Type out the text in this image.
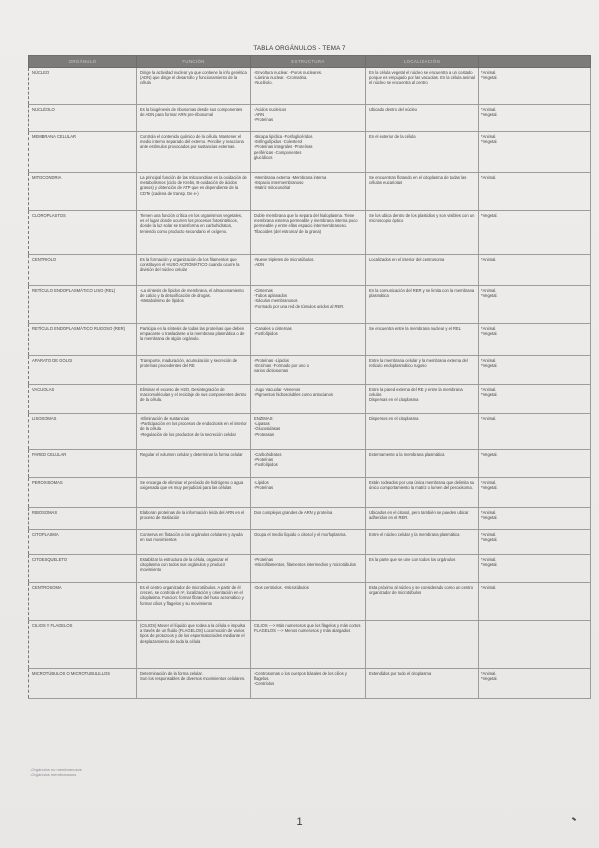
TABLA ORGÁNULOS - TEMA 7
ORGÁNULO	FUNCIÓN	ESTRUCTURA	LOCALIZACIÓN	
NÚCLEO	Dirige la actividad nuclear ya que contiene la info genética (ADN) que dirige el desarrollo y funcionamiento de la célula	-Envoltura nuclear. -Poros nucleares.
-Lámina nuclear. -Cromatina.
-Nucléolo.	En la célula vegetal el núcleo se encuentra a un costado porque es empujado por las vacuolas. En la célula animal el núcleo se encuentra al centro	*Animal.
*Vegetal.
NUCLÉOLO	Es la biogénesis de ribosomas desde sus componentes de ADN para formar ARN pre-ribosomal	-Ácidos nucleicos
-ARN
-Proteínas	Ubicado dentro del núcleo	*Animal.
*Vegetal.
MEMBRANA CELULAR	Controla el contenido químico de la célula. Mantener el medio interno separado del externo. Percibe y reacciona ante estímulos provocados por sustancias externas.	-Bicapa lipídica -Fosfoglicéridos
-Esfingolípidos -Colesterol
-Proteínas integrales -Proteínas
periféricas -Componentes
glucídicos	En el exterior de la célula	*Animal.
*Vegetal.
MITOCONDRIA	La principal función de las mitocondrias es la oxidación de metabolismos (ciclo de Krebs, B-oxidación de ácidos grasos) y obtención de ATP que es dependiente de la CDTe (cadena de transp. De e-)	-Membrana externa -Membrana interna
-Espacio intermembranoso
-Matriz mitocondrial	Se encuentran flotando en el citoplasma de todas las células eucariotas	*Animal.
CLOROPLASTOS	Tienen una función crítica en los organismos vegetales, es el lugar donde ocurren los procesos fotosintéticos, donde la luz solar se transforma en carbohidratos, teniendo como producto secundario el oxígeno.	Doble membrana que lo separa del hialoplasma. Tiene membrana externa permeable y membrana interna poco permeable y entre ellas espacio intermembranoso. Tilacoides (del estroma/ de la grana)	Se los ubica dentro de los plastidios y son visibles con un microscopio óptico	*Vegetal.
CENTRIOLO	Es la formación y organización de los filamentos que constituyen el HUSO ACROMÁTICO cuando ocurre la división del núcleo celular	-Nueve tripletes de microtúbulos.
-ADN	Localizados en el interior del centrosoma	*Animal.
RETÍCULO ENDOPLASMÁTICO LISO (REL)	-La síntesis de lípidos de membrana, el almacenamiento de calcio y la detoxificación de drogas.
-Metabolismo de lípidos	-Cisternas
-Tubos aplanados
-Sáculos membranosos
-Formado por una red de túmulos unidos al RER.	En la comunicación del RER y se limita con la membrana plasmática	*Animal.
*Vegetal.
RETÍCULO ENDOPLASMÁTICO RUGOSO (RER)	Participa en la síntesis de todas las proteínas que deben empacarse o trasladarse a la membrana plasmática o de la membrana de algún orgánulo.	-Canales o cisternas
-Fosfolípidos	Se encuentra entre la membrana nuclear y el REL	*Animal.
*Vegetal.
APARATO DE GOLGI	Transporte, maduración, acumulación y secreción de proteínas procedentes del RE	-Proteínas -Lípidos
-Enzimas -Formado por uno o
varios dictiosomas	Entre la membrana celular y la membrana externa del retículo endoplasmático rugoso	*Animal.
*Vegetal.
VACUOLAS	Eliminar el exceso de H2O, Desintegración de macromoléculas y el reciclaje de sus componentes dentro de la célula.	-Jugo Vacuolar -Venenos
-Pigmentos hidrosolubles como antocianos	Entre la pared externa del RE y entre la membrana celular.
Dispersas en el citoplasma	*Animal.
*Vegetal.
LISOSOMAS	-Eliminación de sustancias
-Participación en los procesos de endocitosis en el interior de la célula
-Regulación de los productos de la secreción celular	ENZIMAS:
-Lipasas
-Glucosidasas
-Proteasas	Dispersos en el citoplasma	*Animal.
PARED CELULAR	Regular el volumen celular y determinar la forma celular	-Carbohidratos
-Proteínas
-Fosfolípidos	Externamente a la membrana plasmática	*Vegetal.
PEROXISOMAS	Se encarga de eliminar el peróxido de hidrógeno o agua oxigenada que es muy perjudicial para las células	-Lípidos
-Proteínas	Están rodeados por una única membrana que delimita su único comportamiento la matriz o lumen del peroxisoma.	*Animal.
*Vegetal.
RIBOSOMAS	Elaboran proteínas de la información leída del ARN en el proceso de traslación	Dos complejos grandes de ARN y proteína	Ubicados en el citosol, pero también se pueden ubicar adheridos en el RER.	*Animal.
*Vegetal.
CITOPLASMA	Conserva en flotación a los orgánulos celulares y ayuda en sus movimientos	Ocupa el medio líquido o citosol y el morfoplasma.	Entre el núcleo celular y la membrana plasmática	*Animal.
*Vegetal.
CITOESQUELETO	Establizar la estructura de la célula, organizar el citoplasma con todos sus orgánulos y producir movimiento	-Proteínas
-Microfilamentos, filamentos intermedios y microtúbulos	Es la parte que se une con todos los orgánulos	*Animal.
*Vegetal.
CENTROSOMA	Es el centro organizador de microtúbulos. A partir de él crecen, se controla el nº, localización y orientación en el citoplasma. Funcion: formar fibras del huso acromático y formar cilios y flagelos y su movimiento	-Dos centriolos. -Microtúbulos	Esta próximo al núcleo y se considerado como un centro organizador de microtúbulos	*Animal.
CILIOS Y FLAGELOS	(CILIOS) Mover el líquido que rodea a la célula e impulsa a través de un fluido (FLAGELOS) Locomoción de varios tipos de protozoos y de los espermatozoides mediante el desplazamiento de toda la célula	CILIOS ---> Más numerosos que los flagelos y más cortos
FLAGELOS ---> Menos numerosos y más alargados		
MICROTÚBULOS O MICROTUBULILLOS	Determinación de la forma celular.
Son los responsables de diversos movimientos celulares.	-Centrosomas o los cuerpos básales de los cilios y flagelos.
-Centríolos	Extendidos por todo el citoplasma	*Animal.
*Vegetal.
-Orgánulos no membranosos
-Orgánulos membranosos
1
